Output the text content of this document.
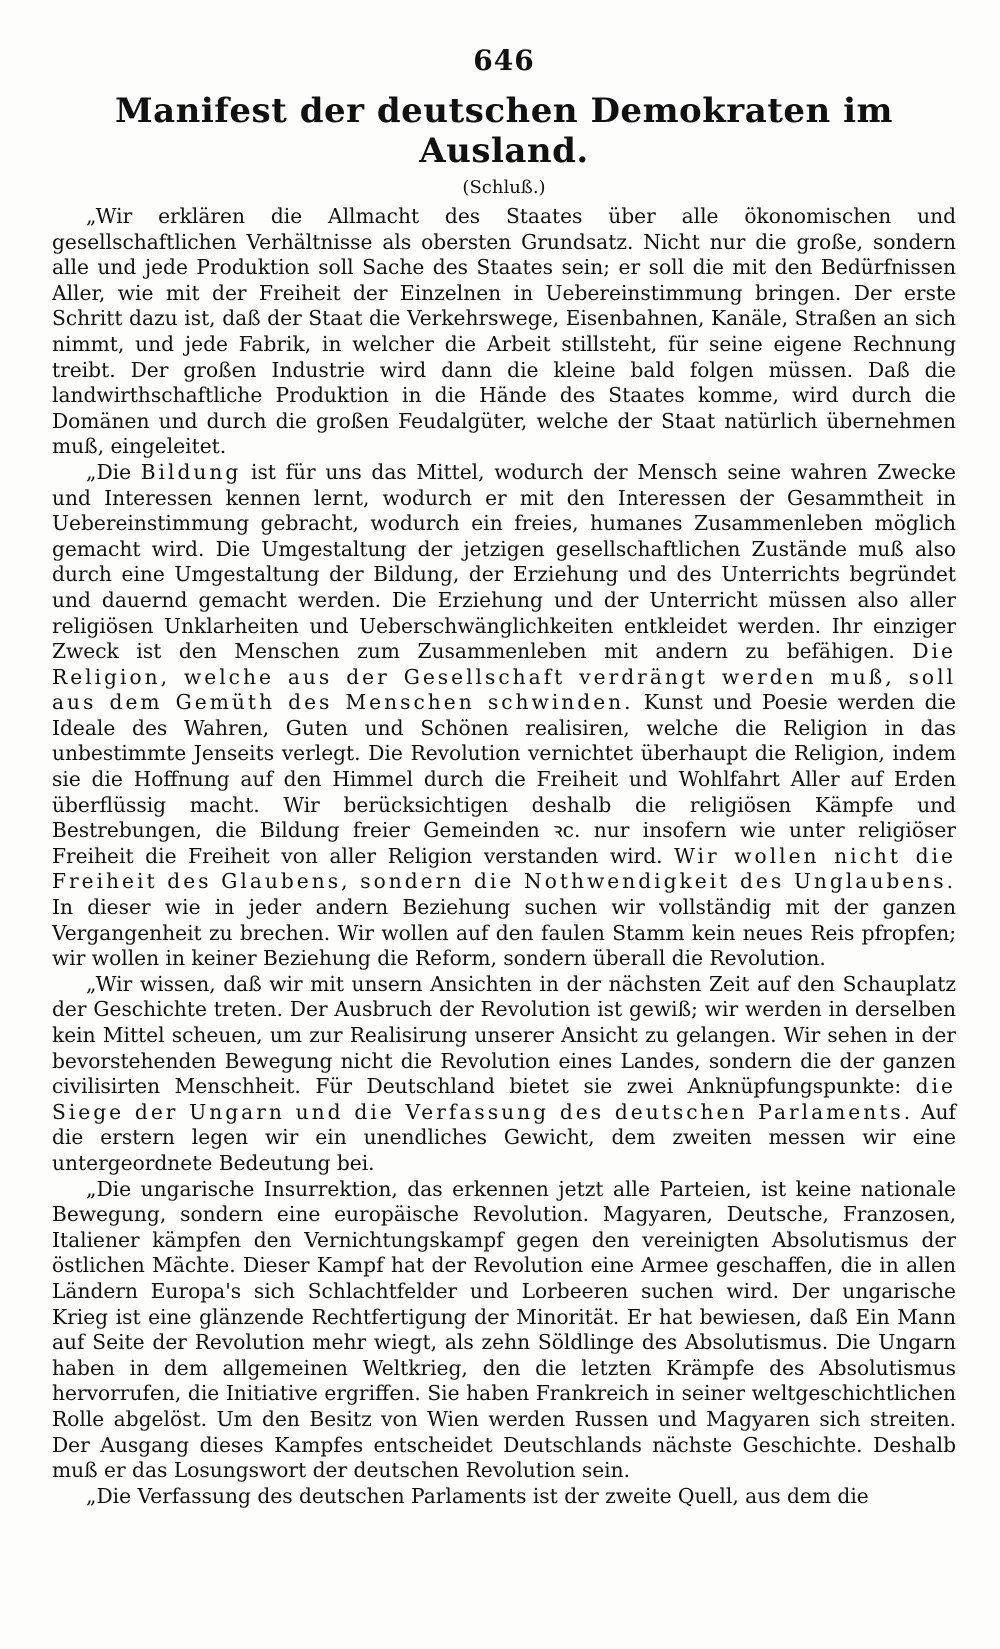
646
Manifest der deutschen Demokraten im Ausland.
(Schluß.)

„Wir erklären die Allmacht des Staates über alle ökonomischen und gesellschaftlichen Verhältnisse als obersten Grundsatz. Nicht nur die große, sondern alle und jede Produktion soll Sache des Staates sein; er soll die mit den Bedürfnissen Aller, wie mit der Freiheit der Einzelnen in Uebereinstimmung bringen. Der erste Schritt dazu ist, daß der Staat die Verkehrswege, Eisenbahnen, Kanäle, Straßen an sich nimmt, und jede Fabrik, in welcher die Arbeit stillsteht, für seine eigene Rechnung treibt. Der großen Industrie wird dann die kleine bald folgen müssen. Daß die landwirthschaftliche Produktion in die Hände des Staates komme, wird durch die Domänen und durch die großen Feudalgüter, welche der Staat natürlich übernehmen muß, eingeleitet.

„Die Bildung ist für uns das Mittel, wodurch der Mensch seine wahren Zwecke und Interessen kennen lernt, wodurch er mit den Interessen der Gesammtheit in Uebereinstimmung gebracht, wodurch ein freies, humanes Zusammenleben möglich gemacht wird. Die Umgestaltung der jetzigen gesellschaftlichen Zustände muß also durch eine Umgestaltung der Bildung, der Erziehung und des Unterrichts begründet und dauernd gemacht werden. Die Erziehung und der Unterricht müssen also aller religiösen Unklarheiten und Ueberschwänglichkeiten entkleidet werden. Ihr einziger Zweck ist den Menschen zum Zusammenleben mit andern zu befähigen. Die Religion, welche aus der Gesellschaft verdrängt werden muß, soll aus dem Gemüth des Menschen schwinden. Kunst und Poesie werden die Ideale des Wahren, Guten und Schönen realisiren, welche die Religion in das unbestimmte Jenseits verlegt. Die Revolution vernichtet überhaupt die Religion, indem sie die Hoffnung auf den Himmel durch die Freiheit und Wohlfahrt Aller auf Erden überflüssig macht. Wir berücksichtigen deshalb die religiösen Kämpfe und Bestrebungen, die Bildung freier Gemeinden ꝛc. nur insofern wie unter religiöser Freiheit die Freiheit von aller Religion verstanden wird. Wir wollen nicht die Freiheit des Glaubens, sondern die Nothwendigkeit des Unglaubens. In dieser wie in jeder andern Beziehung suchen wir vollständig mit der ganzen Vergangenheit zu brechen. Wir wollen auf den faulen Stamm kein neues Reis pfropfen; wir wollen in keiner Beziehung die Reform, sondern überall die Revolution.

„Wir wissen, daß wir mit unsern Ansichten in der nächsten Zeit auf den Schauplatz der Geschichte treten. Der Ausbruch der Revolution ist gewiß; wir werden in derselben kein Mittel scheuen, um zur Realisirung unserer Ansicht zu gelangen. Wir sehen in der bevorstehenden Bewegung nicht die Revolution eines Landes, sondern die der ganzen civilisirten Menschheit. Für Deutschland bietet sie zwei Anknüpfungspunkte: die Siege der Ungarn und die Verfassung des deutschen Parlaments. Auf die erstern legen wir ein unendliches Gewicht, dem zweiten messen wir eine untergeordnete Bedeutung bei.

„Die ungarische Insurrektion, das erkennen jetzt alle Parteien, ist keine nationale Bewegung, sondern eine europäische Revolution. Magyaren, Deutsche, Franzosen, Italiener kämpfen den Vernichtungskampf gegen den vereinigten Absolutismus der östlichen Mächte. Dieser Kampf hat der Revolution eine Armee geschaffen, die in allen Ländern Europa's sich Schlachtfelder und Lorbeeren suchen wird. Der ungarische Krieg ist eine glänzende Rechtfertigung der Minorität. Er hat bewiesen, daß Ein Mann auf Seite der Revolution mehr wiegt, als zehn Söldlinge des Absolutismus. Die Ungarn haben in dem allgemeinen Weltkrieg, den die letzten Krämpfe des Absolutismus hervorrufen, die Initiative ergriffen. Sie haben Frankreich in seiner weltgeschichtlichen Rolle abgelöst. Um den Besitz von Wien werden Russen und Magyaren sich streiten. Der Ausgang dieses Kampfes entscheidet Deutschlands nächste Geschichte. Deshalb muß er das Losungswort der deutschen Revolution sein.

„Die Verfassung des deutschen Parlaments ist der zweite Quell, aus dem die
